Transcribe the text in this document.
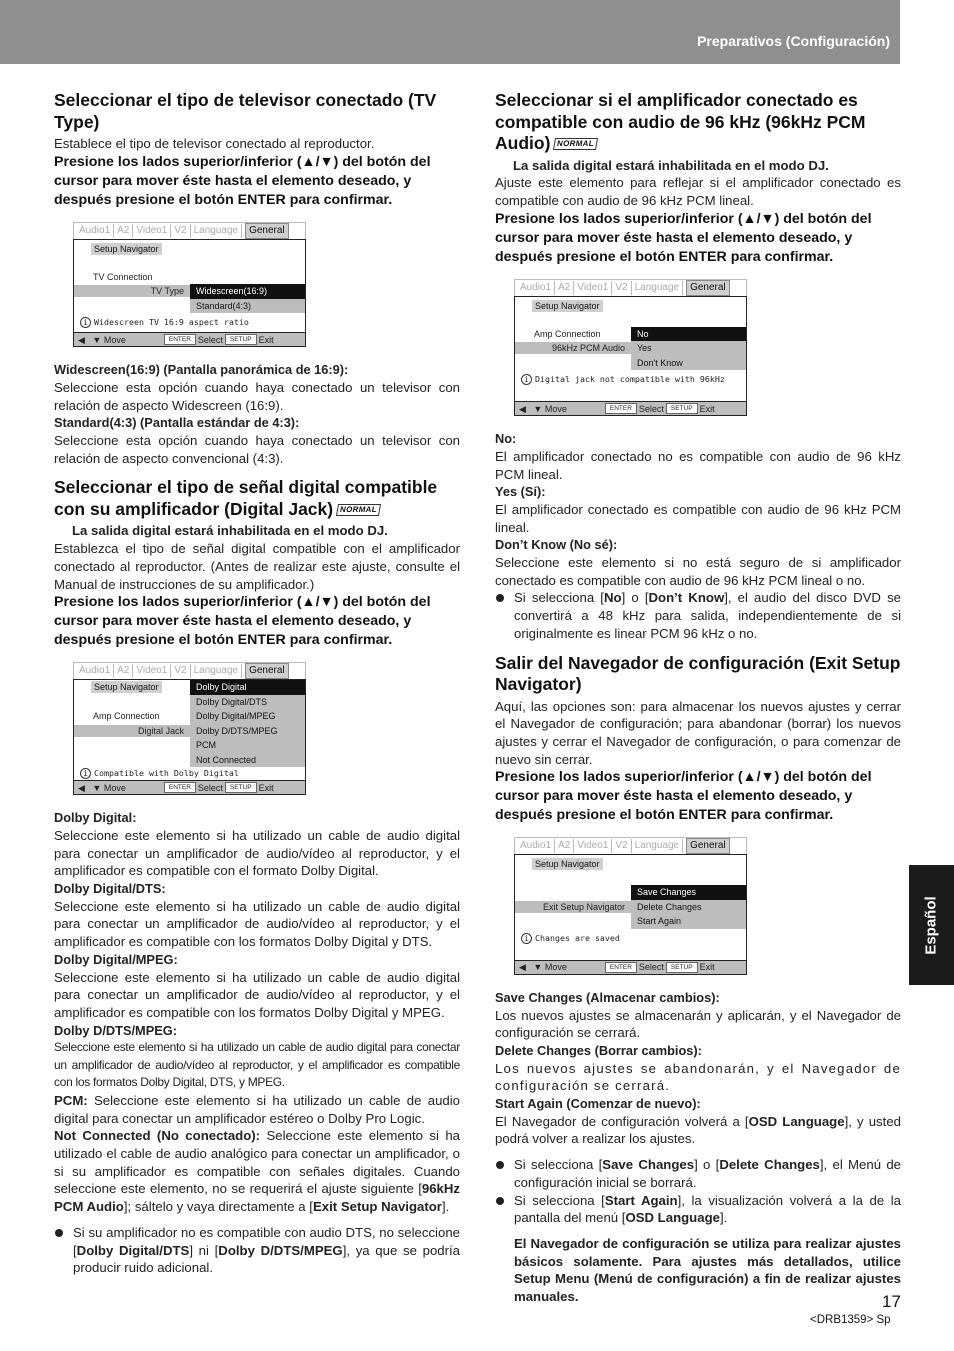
Preparativos (Configuración)
Español
Seleccionar el tipo de televisor conectado (TV Type)

Establece el tipo de televisor conectado al reproductor.

Presione los lados superior/inferior (▲/▼) del botón del cursor para mover éste hasta el elemento deseado, y después presione el botón ENTER para confirmar.

Audio1 A2 Video1 V2 Language	General
Setup Navigator
TV Connection
TV Type	Widescreen(16:9)
Standard(4:3)
i Widescreen TV 16:9 aspect ratio
◀   ▼ Move	ENTER Select	SETUP Exit

Widescreen(16:9) (Pantalla panorámica de 16:9):

Seleccione esta opción cuando haya conectado un televisor con relación de aspecto Widescreen (16:9).

Standard(4:3) (Pantalla estándar de 4:3):

Seleccione esta opción cuando haya conectado un televisor con relación de aspecto convencional (4:3).

Seleccionar el tipo de señal digital compatible con su amplificador (Digital Jack) NORMAL

La salida digital estará inhabilitada en el modo DJ.

Establezca el tipo de señal digital compatible con el amplificador conectado al reproductor. (Antes de realizar este ajuste, consulte el Manual de instrucciones de su amplificador.)

Presione los lados superior/inferior (▲/▼) del botón del cursor para mover éste hasta el elemento deseado, y después presione el botón ENTER para confirmar.

Audio1 A2 Video1 V2 Language	General
Setup Navigator	Dolby Digital
Dolby Digital/DTS
Amp Connection	Dolby Digital/MPEG
Digital Jack	Dolby D/DTS/MPEG
PCM
Not Connected
i Compatible with Dolby Digital
◀   ▼ Move	ENTER Select	SETUP Exit

Dolby Digital:

Seleccione este elemento si ha utilizado un cable de audio digital para conectar un amplificador de audio/vídeo al reproductor, y el amplificador es compatible con el formato Dolby Digital.

Dolby Digital/DTS:

Seleccione este elemento si ha utilizado un cable de audio digital para conectar un amplificador de audio/vídeo al reproductor, y el amplificador es compatible con los formatos Dolby Digital y DTS.

Dolby Digital/MPEG:

Seleccione este elemento si ha utilizado un cable de audio digital para conectar un amplificador de audio/vídeo al reproductor, y el amplificador es compatible con los formatos Dolby Digital y MPEG.

Dolby D/DTS/MPEG:

Seleccione este elemento si ha utilizado un cable de audio digital para conectar un amplificador de audio/vídeo al reproductor, y el amplificador es compatible con los formatos Dolby Digital, DTS, y MPEG.

PCM: Seleccione este elemento si ha utilizado un cable de audio digital para conectar un amplificador estéreo o Dolby Pro Logic.

Not Connected (No conectado): Seleccione este elemento si ha utilizado el cable de audio analógico para conectar un amplificador, o si su amplificador es compatible con señales digitales. Cuando seleccione este elemento, no se requerirá el ajuste siguiente [96kHz PCM Audio]; sáltelo y vaya directamente a [Exit Setup Navigator].

Si su amplificador no es compatible con audio DTS, no seleccione [Dolby Digital/DTS] ni [Dolby D/DTS/MPEG], ya que se podría producir ruido adicional.

Seleccionar si el amplificador conectado es compatible con audio de 96 kHz (96kHz PCM Audio) NORMAL

La salida digital estará inhabilitada en el modo DJ.

Ajuste este elemento para reflejar si el amplificador conectado es compatible con audio de 96 kHz PCM lineal.

Presione los lados superior/inferior (▲/▼) del botón del cursor para mover éste hasta el elemento deseado, y después presione el botón ENTER para confirmar.

Audio1 A2 Video1 V2 Language	General
Setup Navigator
Amp Connection	No
96kHz PCM Audio	Yes
Don't Know
i Digital jack not compatible with 96kHz
◀   ▼ Move	ENTER Select	SETUP Exit

No:

El amplificador conectado no es compatible con audio de 96 kHz PCM lineal.

Yes (Sí):

El amplificador conectado es compatible con audio de 96 kHz PCM lineal.

Don’t Know (No sé):

Seleccione este elemento si no está seguro de si amplificador conectado es compatible con audio de 96 kHz PCM lineal o no.

Si selecciona [No] o [Don’t Know], el audio del disco DVD se convertirá a 48 kHz para salida, independientemente de si originalmente es linear PCM 96 kHz o no.

Salir del Navegador de configuración (Exit Setup Navigator)

Aquí, las opciones son: para almacenar los nuevos ajustes y cerrar el Navegador de configuración; para abandonar (borrar) los nuevos ajustes y cerrar el Navegador de configuración, o para comenzar de nuevo sin cerrar.

Presione los lados superior/inferior (▲/▼) del botón del cursor para mover éste hasta el elemento deseado, y después presione el botón ENTER para confirmar.

Audio1 A2 Video1 V2 Language	General
Setup Navigator
Save Changes
Exit Setup Navigator	Delete Changes
Start Again
i Changes are saved
◀   ▼ Move	ENTER Select	SETUP Exit

Save Changes (Almacenar cambios):

Los nuevos ajustes se almacenarán y aplicarán, y el Navegador de configuración se cerrará.

Delete Changes (Borrar cambios):

Los nuevos ajustes se abandonarán, y el Navegador de configuración se cerrará.

Start Again (Comenzar de nuevo):

El Navegador de configuración volverá a [OSD Language], y usted podrá volver a realizar los ajustes.

Si selecciona [Save Changes] o [Delete Changes], el Menú de configuración inicial se borrará.

Si selecciona [Start Again], la visualización volverá a la de la pantalla del menú [OSD Language].

El Navegador de configuración se utiliza para realizar ajustes básicos solamente. Para ajustes más detallados, utilice Setup Menu (Menú de configuración) a fin de realizar ajustes manuales.	17
<DRB1359> Sp
